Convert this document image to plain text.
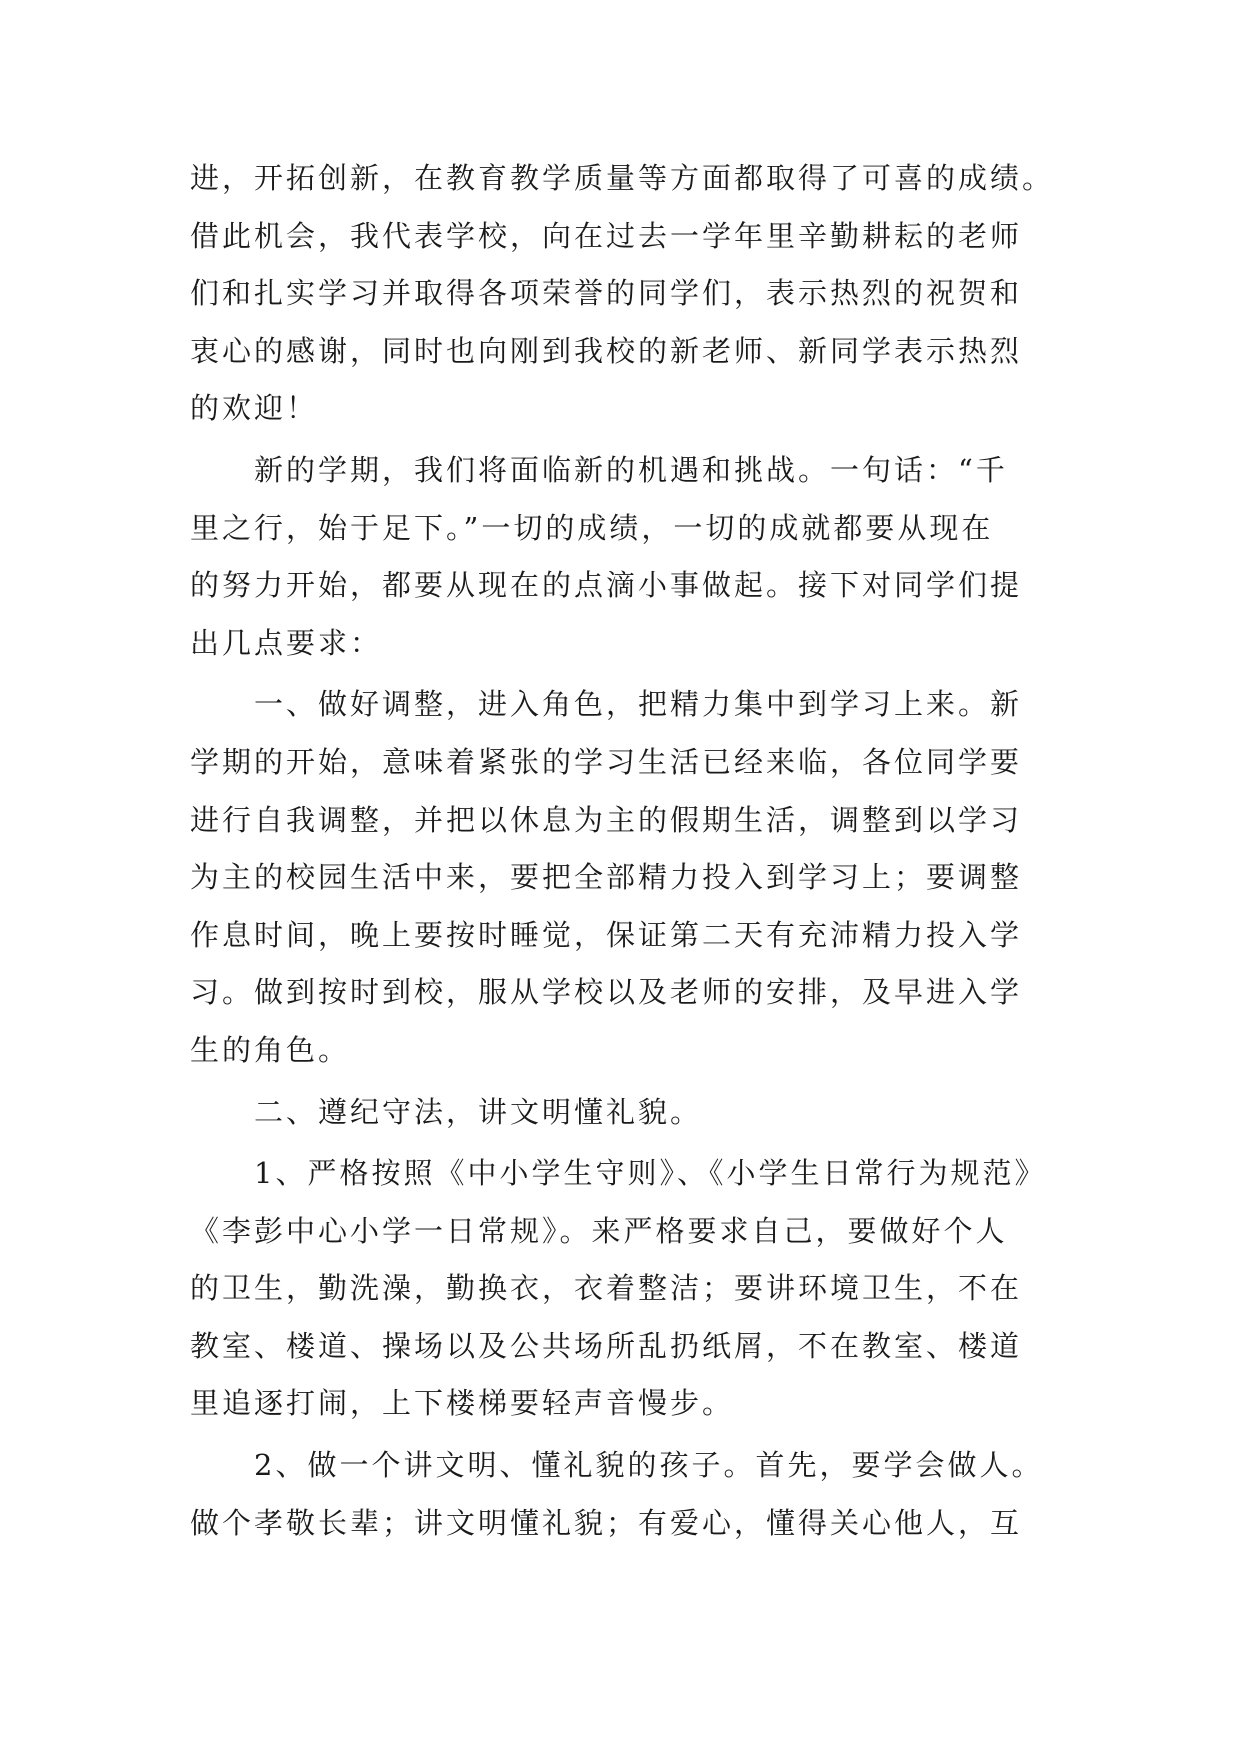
进，开拓创新，在教育教学质量等方面都取得了可喜的成绩。
借此机会，我代表学校，向在过去一学年里辛勤耕耘的老师
们和扎实学习并取得各项荣誉的同学们，表示热烈的祝贺和
衷心的感谢，同时也向刚到我校的新老师、新同学表示热烈
的欢迎！
新的学期，我们将面临新的机遇和挑战。一句话：“千
里之行，始于足下。”一切的成绩，一切的成就都要从现在
的努力开始，都要从现在的点滴小事做起。接下对同学们提
出几点要求：
一、做好调整，进入角色，把精力集中到学习上来。新
学期的开始，意味着紧张的学习生活已经来临，各位同学要
进行自我调整，并把以休息为主的假期生活，调整到以学习
为主的校园生活中来，要把全部精力投入到学习上；要调整
作息时间，晚上要按时睡觉，保证第二天有充沛精力投入学
习。做到按时到校，服从学校以及老师的安排，及早进入学
生的角色。
二、遵纪守法，讲文明懂礼貌。
1、严格按照《中小学生守则》、《小学生日常行为规范》
《李彭中心小学一日常规》。来严格要求自己，要做好个人
的卫生，勤洗澡，勤换衣，衣着整洁；要讲环境卫生，不在
教室、楼道、操场以及公共场所乱扔纸屑，不在教室、楼道
里追逐打闹，上下楼梯要轻声音慢步。
2、做一个讲文明、懂礼貌的孩子。首先，要学会做人。
做个孝敬长辈；讲文明懂礼貌；有爱心，懂得关心他人，互
